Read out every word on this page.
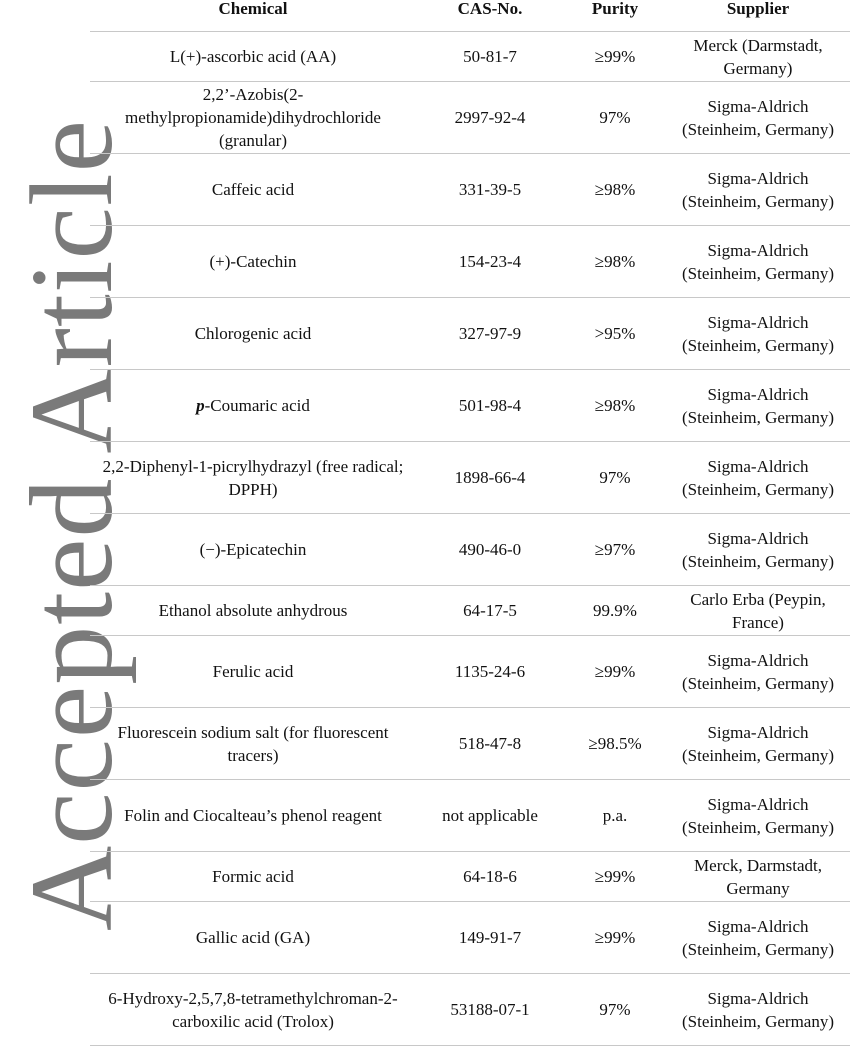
Accepted Article
Chemical	CAS-No.	Purity	Supplier
L(+)-ascorbic acid (AA)	50-81-7	≥99%	Merck (Darmstadt, Germany)
2,2’-Azobis(2-methylpropionamide)dihydrochloride (granular)	2997-92-4	97%	Sigma-Aldrich (Steinheim, Germany)
Caffeic acid	331-39-5	≥98%	Sigma-Aldrich (Steinheim, Germany)
(+)-Catechin	154-23-4	≥98%	Sigma-Aldrich (Steinheim, Germany)
Chlorogenic acid	327-97-9	>95%	Sigma-Aldrich (Steinheim, Germany)
p-Coumaric acid	501-98-4	≥98%	Sigma-Aldrich (Steinheim, Germany)
2,2-Diphenyl-1-picrylhydrazyl (free radical; DPPH)	1898-66-4	97%	Sigma-Aldrich (Steinheim, Germany)
(−)-Epicatechin	490-46-0	≥97%	Sigma-Aldrich (Steinheim, Germany)
Ethanol absolute anhydrous	64-17-5	99.9%	Carlo Erba (Peypin, France)
Ferulic acid	1135-24-6	≥99%	Sigma-Aldrich (Steinheim, Germany)
Fluorescein sodium salt (for fluorescent tracers)	518-47-8	≥98.5%	Sigma-Aldrich (Steinheim, Germany)
Folin and Ciocalteau’s phenol reagent	not applicable	p.a.	Sigma-Aldrich (Steinheim, Germany)
Formic acid	64-18-6	≥99%	Merck, Darmstadt, Germany
Gallic acid (GA)	149-91-7	≥99%	Sigma-Aldrich (Steinheim, Germany)
6-Hydroxy-2,5,7,8-tetramethylchroman-2-carboxilic acid (Trolox)	53188-07-1	97%	Sigma-Aldrich (Steinheim, Germany)
